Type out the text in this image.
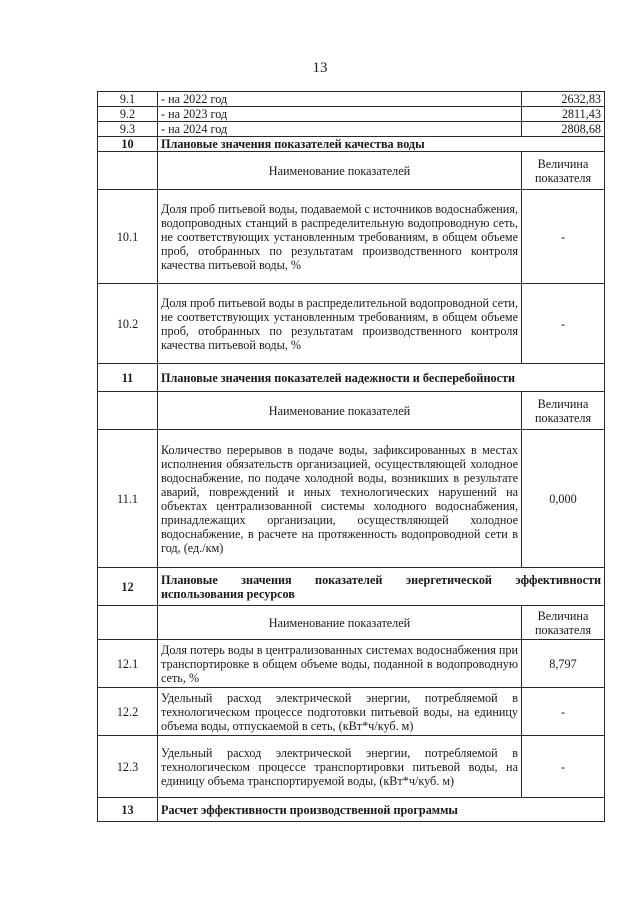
13
9.1	- на 2022 год	2632,83
9.2	- на 2023 год	2811,43
9.3	- на 2024 год	2808,68
10	Плановые значения показателей качества воды	
	Наименование показателей	Величина показателя
10.1	Доля проб питьевой воды, подаваемой с источников водоснабжения, водопроводных станций в распределительную водопроводную сеть, не соответствующих установленным требованиям, в общем объеме проб, отобранных по результатам производственного контроля качества питьевой воды, %	-
10.2	Доля проб питьевой воды в распределительной водопроводной сети, не соответствующих установленным требованиям, в общем объеме проб, отобранных по результатам производственного контроля качества питьевой воды, %	-
11	Плановые значения показателей надежности и бесперебойности	
	Наименование показателей	Величина показателя
11.1	Количество перерывов в подаче воды, зафиксированных в местах исполнения обязательств организацией, осуществляющей холодное водоснабжение, по подаче холодной воды, возникших в результате аварий, повреждений и иных технологических нарушений на объектах централизованной системы холодного водоснабжения, принадлежащих организации, осуществляющей холодное водоснабжение, в расчете на протяженность водопроводной сети в год, (ед./км)	0,000
12	Плановые значения показателей энергетической эффективности использования ресурсов	
	Наименование показателей	Величина показателя
12.1	Доля потерь воды в централизованных системах водоснабжения при транспортировке в общем объеме воды, поданной в водопроводную сеть, %	8,797
12.2	Удельный расход электрической энергии, потребляемой в технологическом процессе подготовки питьевой воды, на единицу объема воды, отпускаемой в сеть, (кВт*ч/куб. м)	-
12.3	Удельный расход электрической энергии, потребляемой в технологическом процессе транспортировки питьевой воды, на единицу объема транспортируемой воды, (кВт*ч/куб. м)	-
13	Расчет эффективности производственной программы	
